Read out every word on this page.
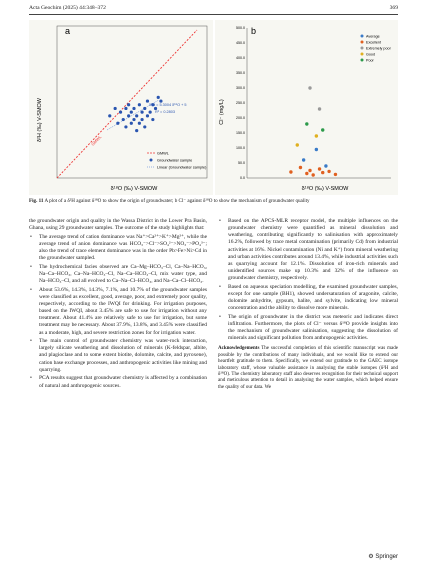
Acta Geochim (2025) 44:348–372	369
a
δ²H (‰) V-SMOW
δ¹⁸O (‰) V-SMOW
GMWL
δ²H = 5.3004 δ¹⁸O + 5
R² = 0.2803
GMWL
Groundwater sample
Linear (Groundwater sample)
b
Cl⁻ (mg/L)
δ¹⁸O (‰) V-SMOW
500.0
450.0
400.0
350.0
300.0
250.0
200.0
150.0
100.0
50.0
0.0
Average
Excellent
Extremely poor
Good
Poor
Fig. 11 A plot of a δ²H against δ¹⁸O to show the origin of groundwater; b Cl⁻ against δ¹⁸O to show the mechanism of groundwater quality

the groundwater origin and quality in the Wassa District in the Lower Pra Basin, Ghana, using 29 groundwater samples. The outcome of the study highlights that:

• The average trend of cation dominance was Na⁺>Ca²⁺>K⁺>Mg²⁺, while the average trend of anion dominance was HCO₃⁻>Cl⁻>SO₄²⁻>NO₃⁻>PO₄³⁻; also the trend of trace element dominance was in the order Pb>Fe>Ni>Cd in the groundwater sampled.
• The hydrochemical facies observed are Ca–Mg–HCO₃–Cl, Ca–Na–HCO₃, Na–Ca–HCO₃, Ca–Na–HCO₃–Cl, Na–Ca–HCO₃–Cl, mix water type, and Na–HCO₃–Cl, and all evolved to Ca–Na–Cl–HCO₃, and Na–Ca–Cl–HCO₃.
• About 53.6%, 14.3%, 14.3%, 7.1%, and 10.7% of the groundwater samples were classified as excellent, good, average, poor, and extremely poor quality, respectively, according to the IWQI for drinking. For irrigation purposes, based on the IWQI, about 3.45% are safe to use for irrigation without any treatment. About 41.4% are relatively safe to use for irrigation, but some treatment may be necessary. About 37.9%, 13.8%, and 3.45% were classified as a moderate, high, and severe restriction zones for for irrigation water.
• The main control of groundwater chemistry was water-rock interaction, largely silicate weathering and dissolution of minerals (K-feldspar, albite, and plagioclase and to some extent biotite, dolomite, calcite, and pyroxene), cation base exchange processes, and anthropogenic activities like mining and quarrying.
• PCA results suggest that groundwater chemistry is affected by a combination of natural and anthropogenic sources.
• Based on the APCS-MLR receptor model, the multiple influences on the groundwater chemistry were quantified as mineral dissolution and weathering, contributing significantly to salinisation with approximately 16.2%, followed by trace metal contamination (primarily Cd) from industrial activities at 16%. Nickel contamination (Ni and K⁺) from mineral weathering and urban activities contributes around 13.4%, while industrial activities such as quarrying account for 12.1%. Dissolution of iron-rich minerals and unidentified sources make up 10.3% and 32% of the influence on groundwater chemistry, respectively.
• Based on aqueous speciation modelling, the examined groundwater samples, except for one sample (BH1), showed undersaturation of aragonite, calcite, dolomite anhydrite, gypsum, halite, and sylvite, indicating low mineral concentration and the ability to dissolve more minerals.
• The origin of groundwater in the district was meteoric and indicates direct infiltration. Furthermore, the plots of Cl⁻ versus δ¹⁸O provide insights into the mechanism of groundwater salinisation, suggesting the dissolution of minerals and significant pollution from anthropogenic activities.
Acknowledgements The successful completion of this scientific manuscript was made possible by the contributions of many individuals, and we would like to extend our heartfelt gratitude to them. Specifically, we extend our gratitude to the GAEC isotope laboratory staff, whose valuable assistance in analysing the stable isotopes (δ²H and δ¹⁸O). The chemistry laboratory staff also deserves recognition for their technical support and meticulous attention to detail in analysing the water samples, which helped ensure the quality of our data. We
⚙ Springer
